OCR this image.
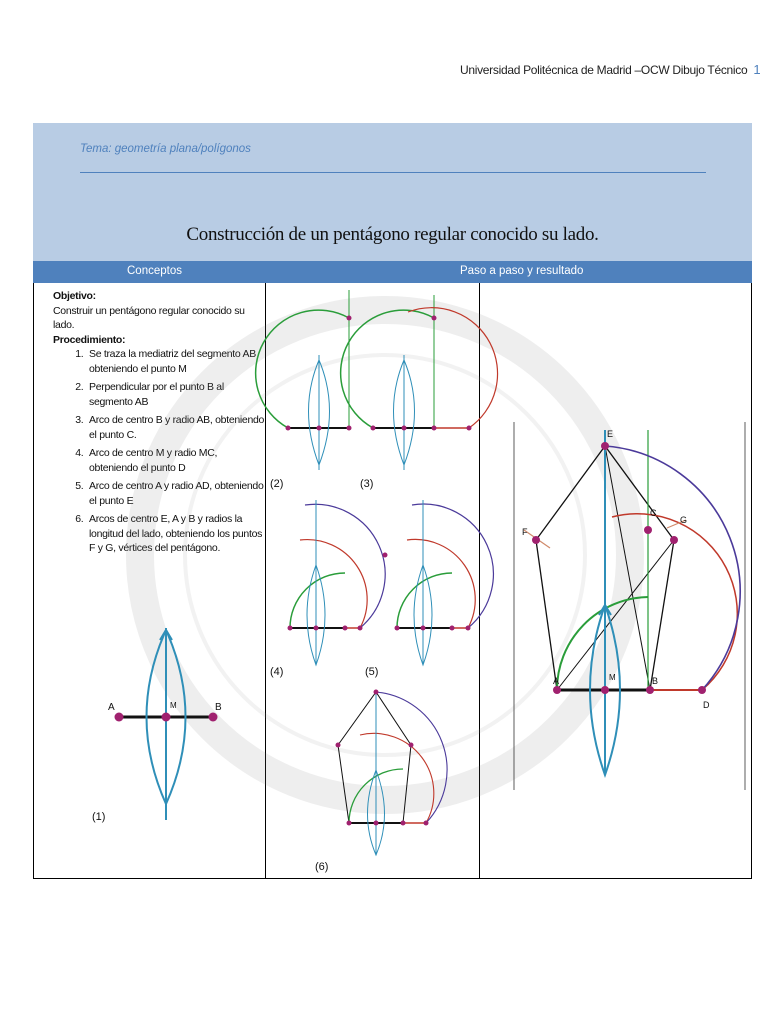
Universidad Politécnica de Madrid –OCW Dibujo Técnico 1
Tema: geometría plana/polígonos
Construcción de un pentágono regular conocido su lado.
Conceptos	Paso a paso y resultado
Objetivo:
Construir un pentágono regular conocido su lado.
Procedimiento:
1. Se traza la mediatriz del segmento AB obteniendo el punto M
2. Perpendicular por el punto B al segmento AB
3. Arco de centro B y radio AB, obteniendo el punto C.
4. Arco de centro M y radio MC, obteniendo el punto D
5. Arco de centro A y radio AD, obteniendo el punto E
6. Arcos de centro E, A y B y radios la longitud del lado, obteniendo los puntos F y G, vértices del pentágono.
A	M	B
(1)
(2)	(3)
(4)	(5)
(6)
A	M	B
D
E
F
G
C
